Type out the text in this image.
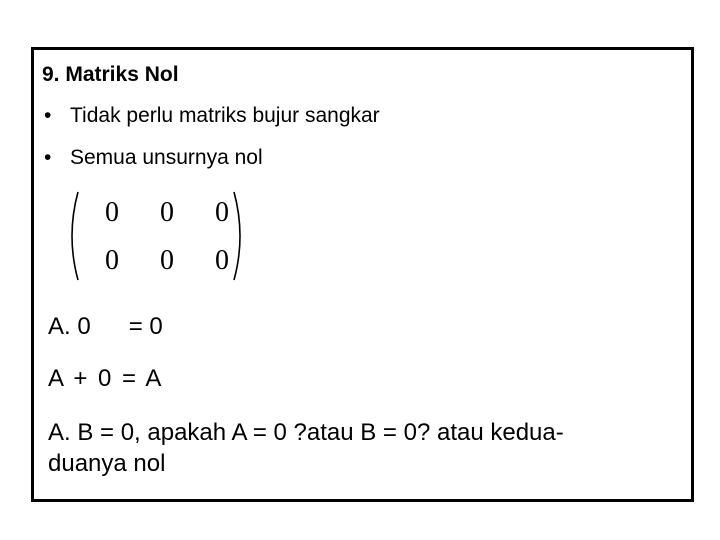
9. Matriks Nol
• Tidak perlu matriks bujur sangkar
• Semua unsurnya nol
0 0 0
0 0 0
A. 0 = 0
A + 0 = A
A. B = 0, apakah A = 0 ?atau B = 0? atau kedua-
duanya nol
